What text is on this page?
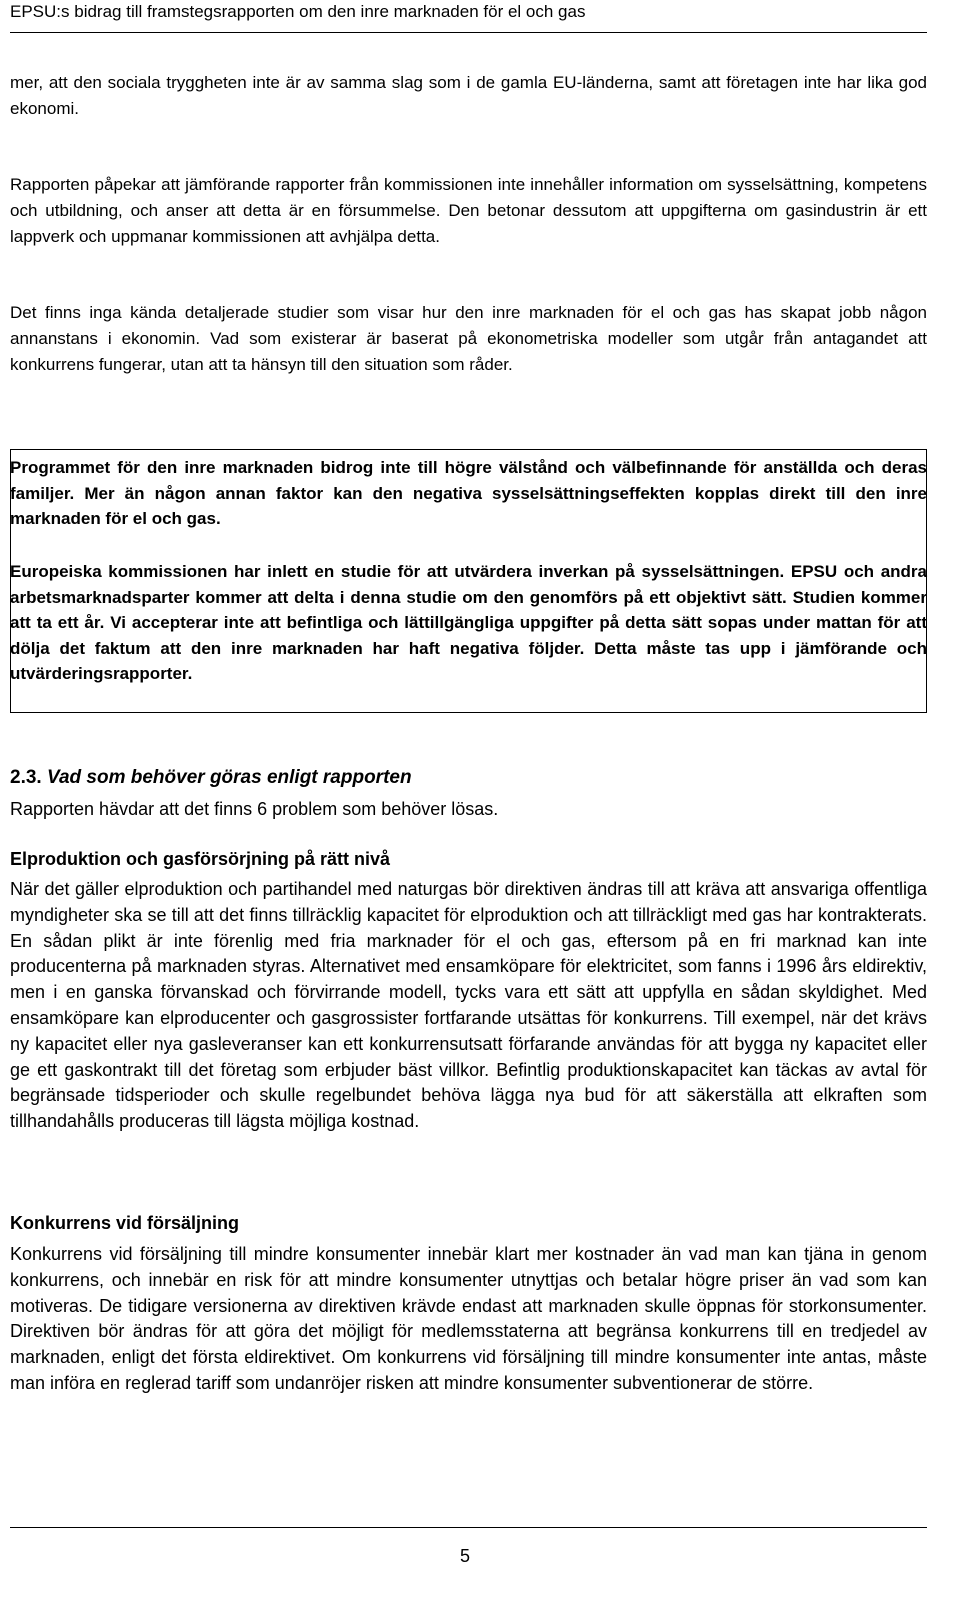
EPSU:s bidrag till framstegsrapporten om den inre marknaden för el och gas

mer, att den sociala tryggheten inte är av samma slag som i de gamla EU-länderna, samt att företagen inte har lika god ekonomi.

Rapporten påpekar att jämförande rapporter från kommissionen inte innehåller information om sysselsättning, kompetens och utbildning, och anser att detta är en försummelse. Den betonar dessutom att uppgifterna om gasindustrin är ett lappverk och uppmanar kommissionen att avhjälpa detta.

Det finns inga kända detaljerade studier som visar hur den inre marknaden för el och gas has skapat jobb någon annanstans i ekonomin. Vad som existerar är baserat på ekonometriska modeller som utgår från antagandet att konkurrens fungerar, utan att ta hänsyn till den situation som råder.

Programmet för den inre marknaden bidrog inte till högre välstånd och välbefinnande för anställda och deras familjer. Mer än någon annan faktor kan den negativa sysselsättningseffekten kopplas direkt till den inre marknaden för el och gas.

Europeiska kommissionen har inlett en studie för att utvärdera inverkan på sysselsättningen. EPSU och andra arbetsmarknadsparter kommer att delta i denna studie om den genomförs på ett objektivt sätt. Studien kommer att ta ett år. Vi accepterar inte att befintliga och lättillgängliga uppgifter på detta sätt sopas under mattan för att dölja det faktum att den inre marknaden har haft negativa följder. Detta måste tas upp i jämförande och utvärderingsrapporter.

2.3. Vad som behöver göras enligt rapporten

Rapporten hävdar att det finns 6 problem som behöver lösas.

Elproduktion och gasförsörjning på rätt nivå

När det gäller elproduktion och partihandel med naturgas bör direktiven ändras till att kräva att ansvariga offentliga myndigheter ska se till att det finns tillräcklig kapacitet för elproduktion och att tillräckligt med gas har kontrakterats. En sådan plikt är inte förenlig med fria marknader för el och gas, eftersom på en fri marknad kan inte producenterna på marknaden styras. Alternativet med ensamköpare för elektricitet, som fanns i 1996 års eldirektiv, men i en ganska förvanskad och förvirrande modell, tycks vara ett sätt att uppfylla en sådan skyldighet. Med ensamköpare kan elproducenter och gasgrossister fortfarande utsättas för konkurrens. Till exempel, när det krävs ny kapacitet eller nya gasleveranser kan ett konkurrensutsatt förfarande användas för att bygga ny kapacitet eller ge ett gaskontrakt till det företag som erbjuder bäst villkor. Befintlig produktionskapacitet kan täckas av avtal för begränsade tidsperioder och skulle regelbundet behöva lägga nya bud för att säkerställa att elkraften som tillhandahålls produceras till lägsta möjliga kostnad.

Konkurrens vid försäljning

Konkurrens vid försäljning till mindre konsumenter innebär klart mer kostnader än vad man kan tjäna in genom konkurrens, och innebär en risk för att mindre konsumenter utnyttjas och betalar högre priser än vad som kan motiveras. De tidigare versionerna av direktiven krävde endast att marknaden skulle öppnas för storkonsumenter. Direktiven bör ändras för att göra det möjligt för medlemsstaterna att begränsa konkurrens till en tredjedel av marknaden, enligt det första eldirektivet. Om konkurrens vid försäljning till mindre konsumenter inte antas, måste man införa en reglerad tariff som undanröjer risken att mindre konsumenter subventionerar de större.

5
